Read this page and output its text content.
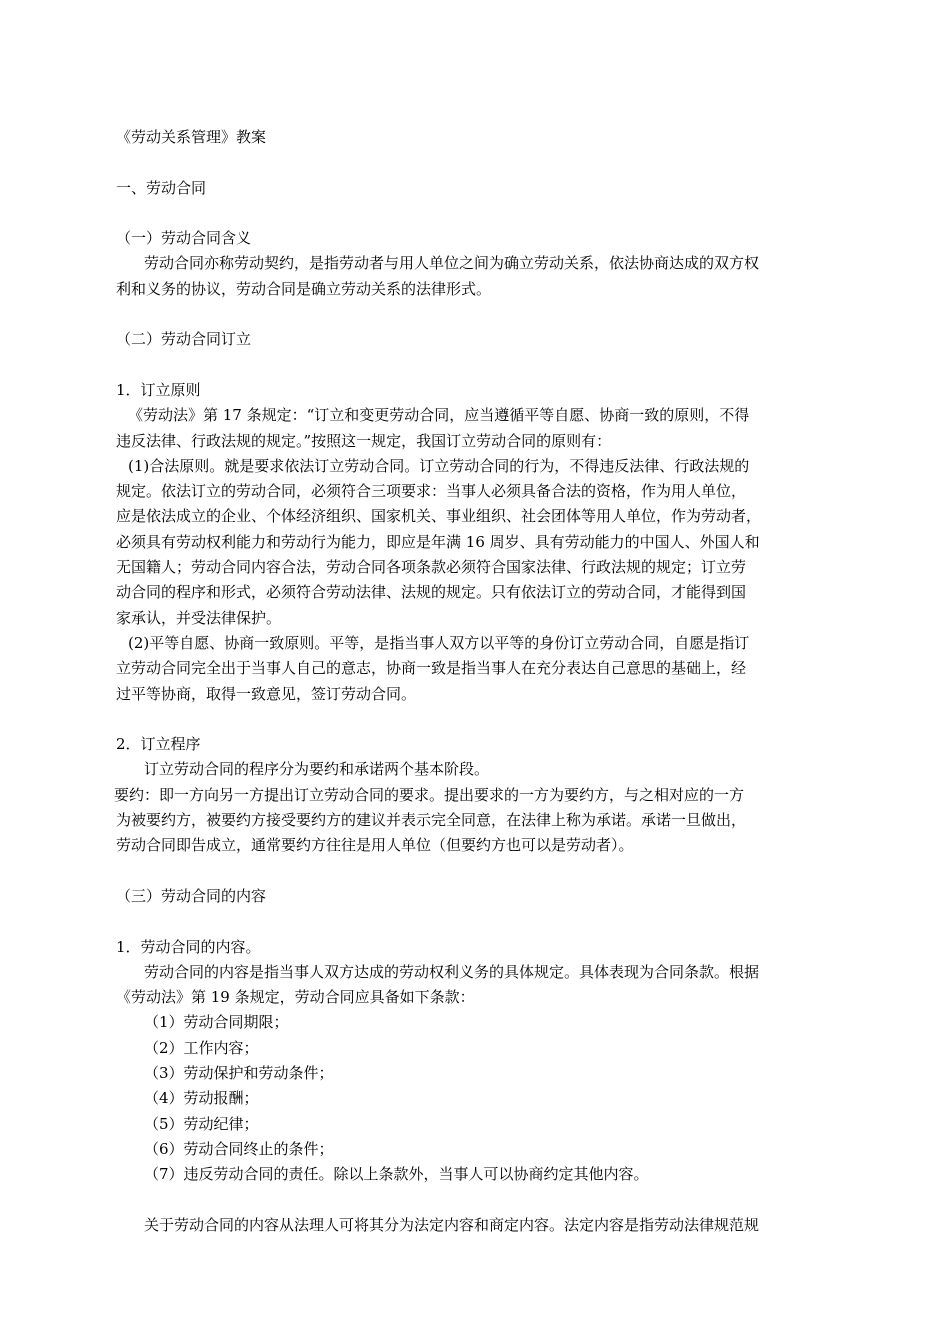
《劳动关系管理》教案
一、劳动合同
（一）劳动合同含义
劳动合同亦称劳动契约，是指劳动者与用人单位之间为确立劳动关系，依法协商达成的双方权
利和义务的协议，劳动合同是确立劳动关系的法律形式。
（二）劳动合同订立
1．订立原则
《劳动法》第 17 条规定：“订立和变更劳动合同，应当遵循平等自愿、协商一致的原则，不得
违反法律、行政法规的规定。”按照这一规定，我国订立劳动合同的原则有：
(1)合法原则。就是要求依法订立劳动合同。订立劳动合同的行为，不得违反法律、行政法规的
规定。依法订立的劳动合同，必须符合三项要求：当事人必须具备合法的资格，作为用人单位，
应是依法成立的企业、个体经济组织、国家机关、事业组织、社会团体等用人单位，作为劳动者，
必须具有劳动权利能力和劳动行为能力，即应是年满 16 周岁、具有劳动能力的中国人、外国人和
无国籍人；劳动合同内容合法，劳动合同各项条款必须符合国家法律、行政法规的规定；订立劳
动合同的程序和形式，必须符合劳动法律、法规的规定。只有依法订立的劳动合同，才能得到国
家承认，并受法律保护。
(2)平等自愿、协商一致原则。平等，是指当事人双方以平等的身份订立劳动合同，自愿是指订
立劳动合同完全出于当事人自己的意志，协商一致是指当事人在充分表达自己意思的基础上，经
过平等协商，取得一致意见，签订劳动合同。
2．订立程序
订立劳动合同的程序分为要约和承诺两个基本阶段。
要约：即一方向另一方提出订立劳动合同的要求。提出要求的一方为要约方，与之相对应的一方
为被要约方，被要约方接受要约方的建议并表示完全同意，在法律上称为承诺。承诺一旦做出，
劳动合同即告成立，通常要约方往往是用人单位（但要约方也可以是劳动者）。
（三）劳动合同的内容
1．劳动合同的内容。
劳动合同的内容是指当事人双方达成的劳动权利义务的具体规定。具体表现为合同条款。根据
《劳动法》第 19 条规定，劳动合同应具备如下条款：
（1）劳动合同期限；
（2）工作内容；
（3）劳动保护和劳动条件；
（4）劳动报酬；
（5）劳动纪律；
（6）劳动合同终止的条件；
（7）违反劳动合同的责任。除以上条款外，当事人可以协商约定其他内容。
关于劳动合同的内容从法理人可将其分为法定内容和商定内容。法定内容是指劳动法律规范规
